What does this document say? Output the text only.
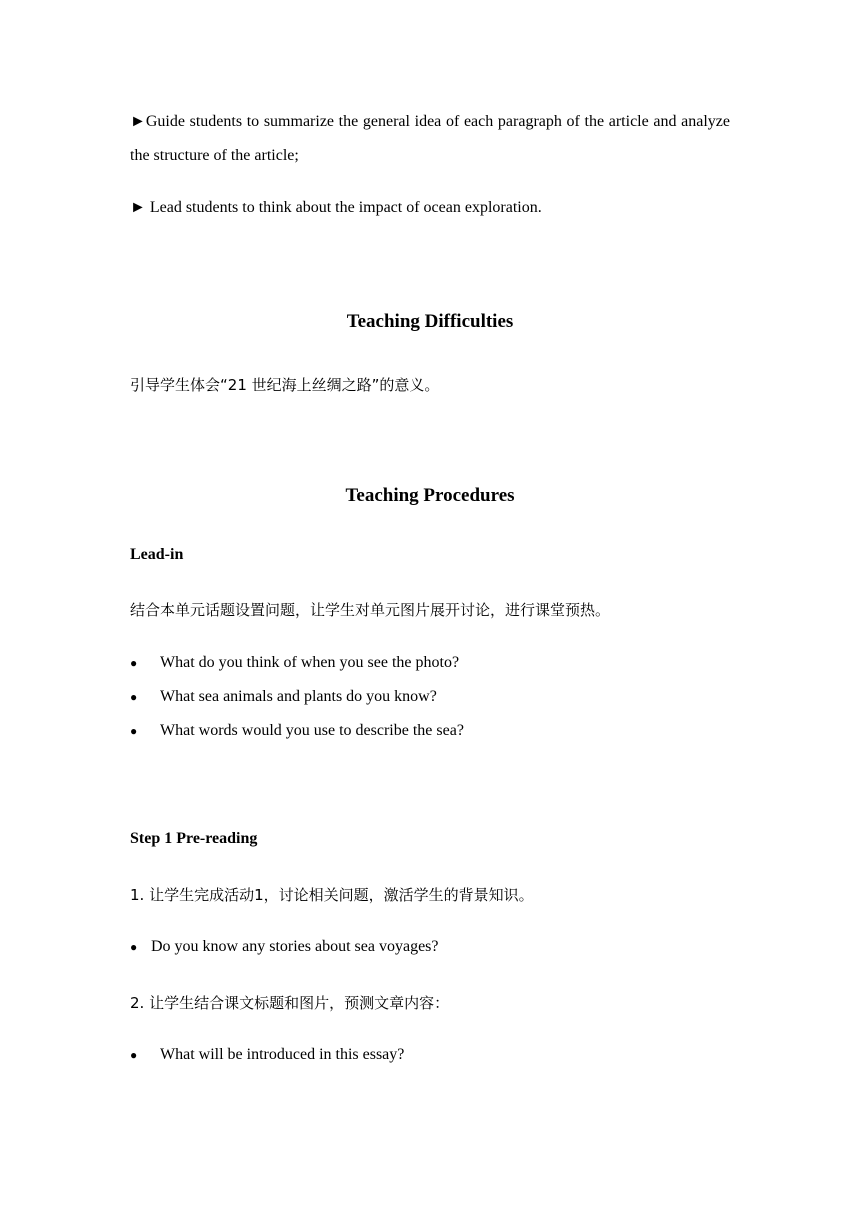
►Guide students to summarize the general idea of each paragraph of the article and analyze the structure of the article;
► Lead students to think about the impact of ocean exploration.
Teaching Difficulties
引导学生体会“21 世纪海上丝绸之路”的意义。
Teaching Procedures
Lead-in
结合本单元话题设置问题，让学生对单元图片展开讨论，进行课堂预热。
● What do you think of when you see the photo?
● What sea animals and plants do you know?
● What words would you use to describe the sea?
Step 1 Pre-reading
1. 让学生完成活动1，讨论相关问题，激活学生的背景知识。
● Do you know any stories about sea voyages?
2. 让学生结合课文标题和图片，预测文章内容：
● What will be introduced in this essay?
